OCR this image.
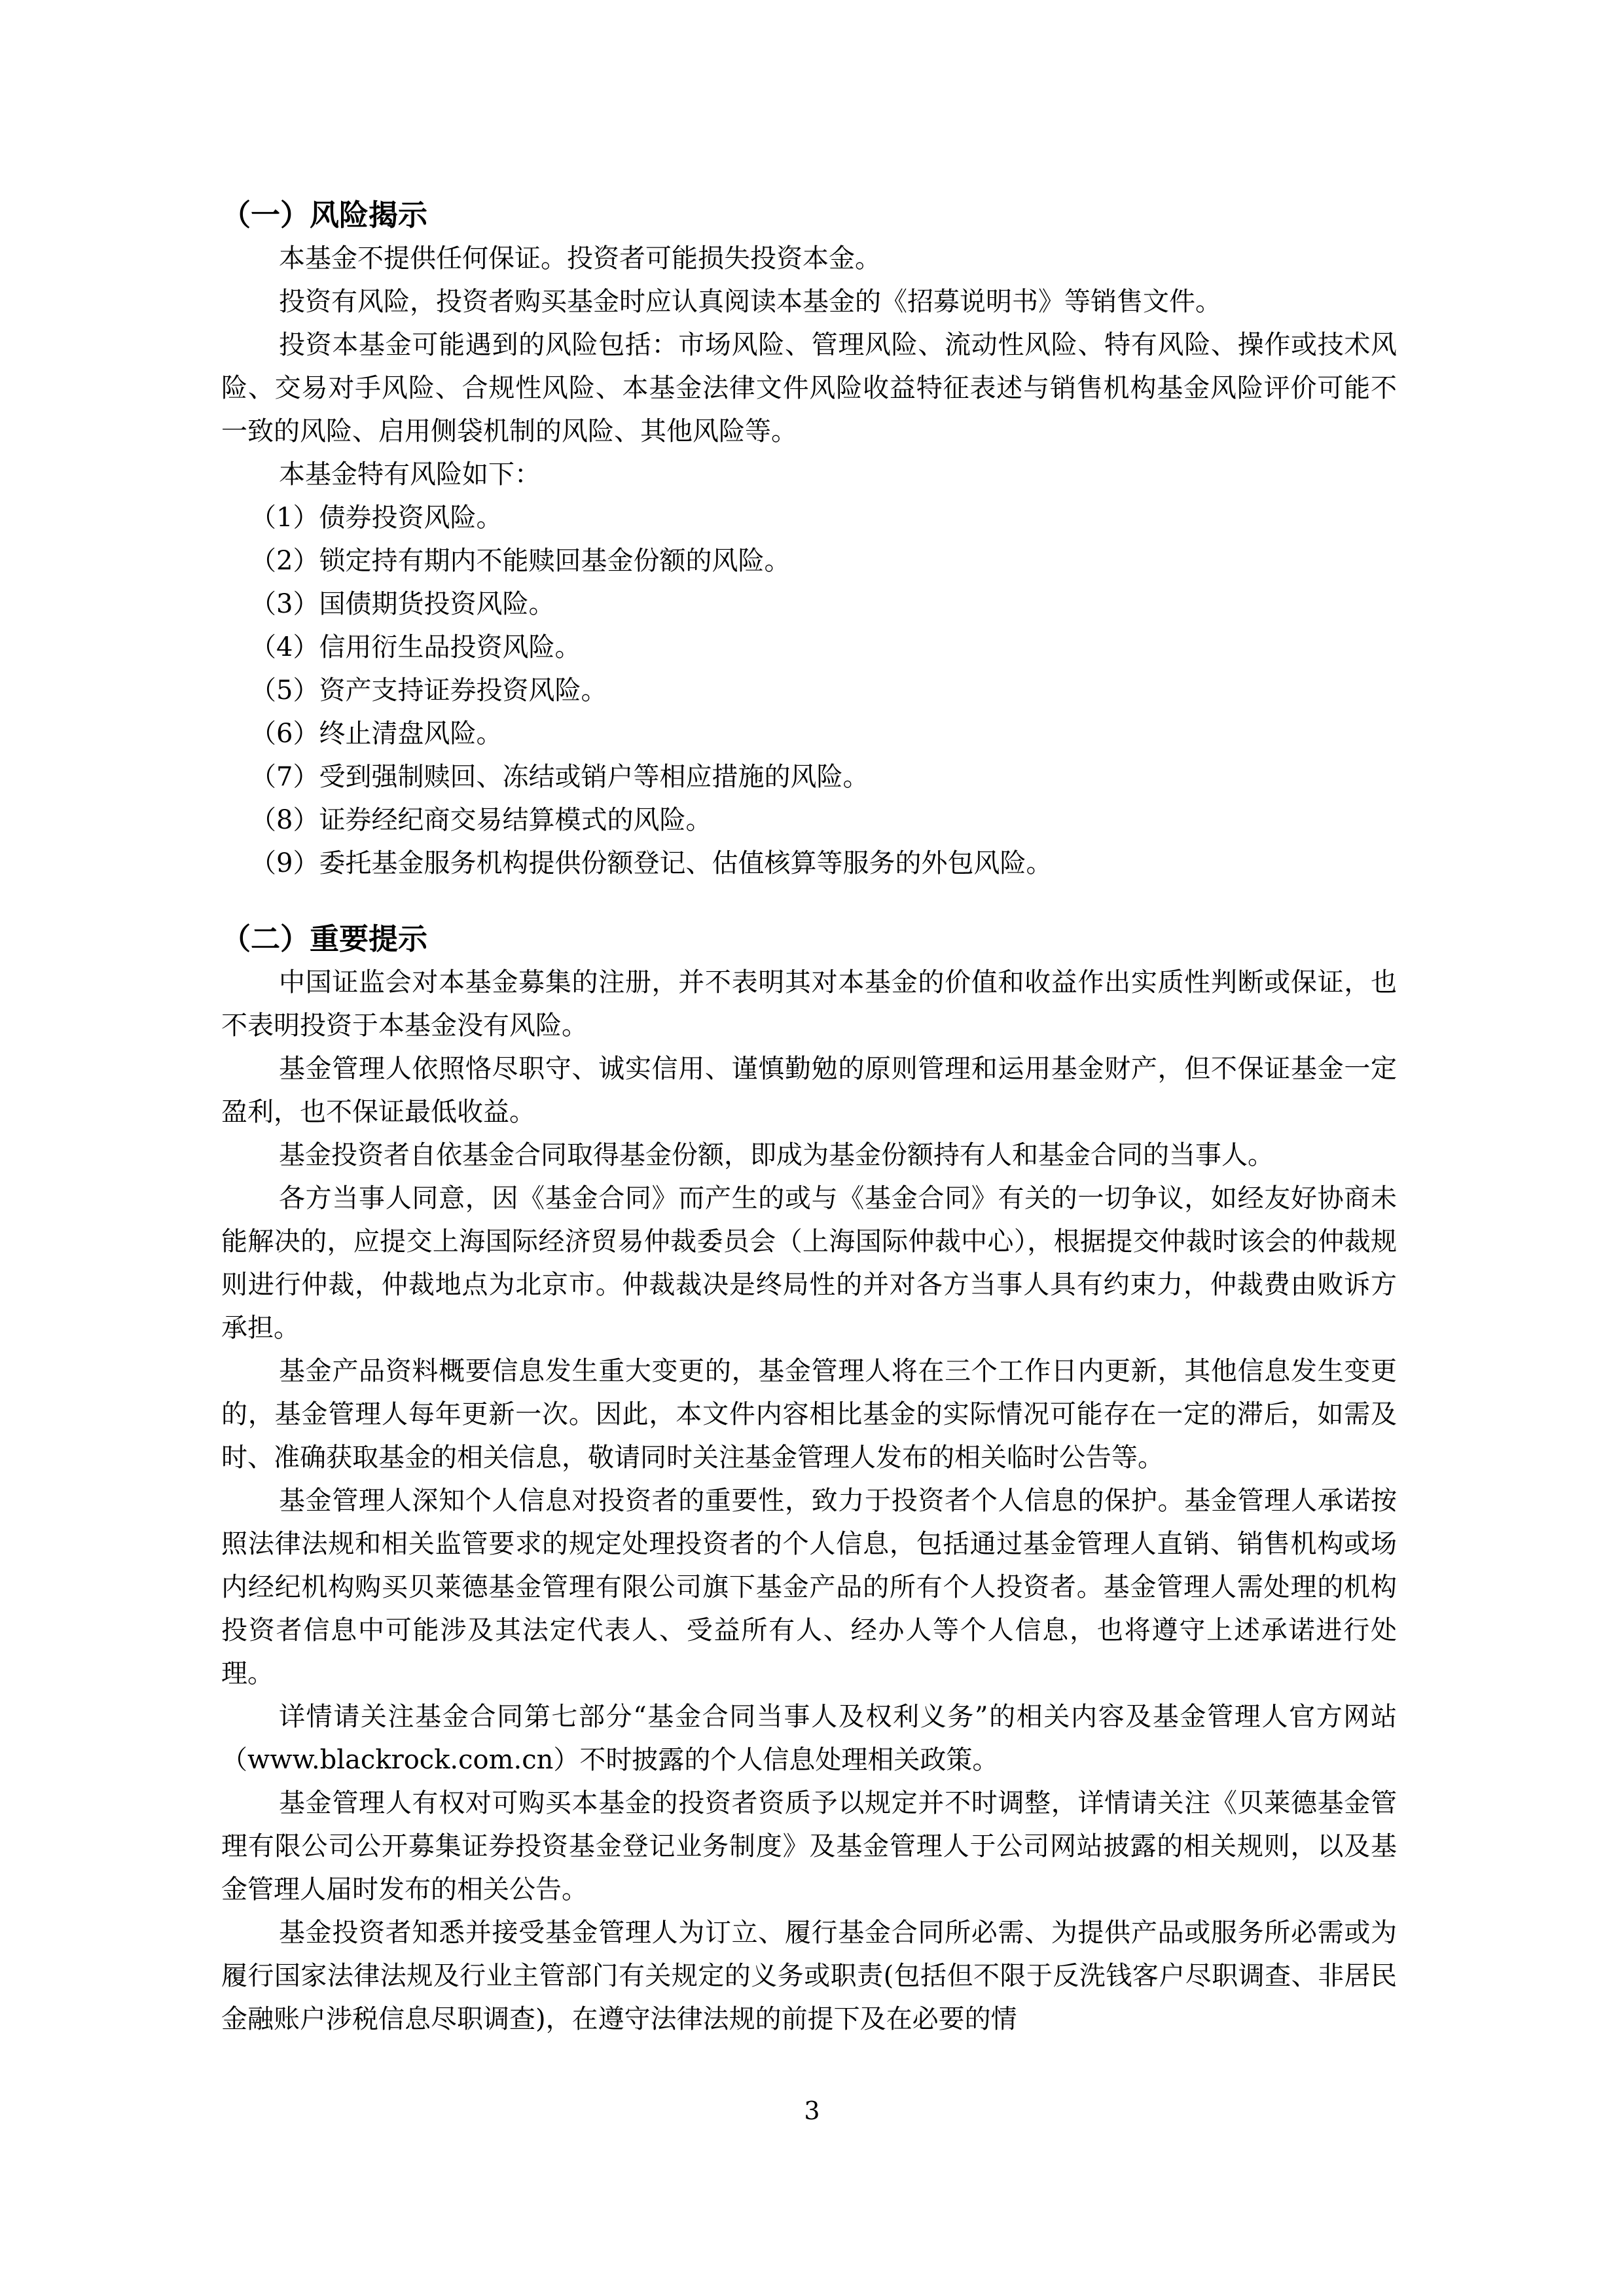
（一）风险揭示

本基金不提供任何保证。投资者可能损失投资本金。

投资有风险，投资者购买基金时应认真阅读本基金的《招募说明书》等销售文件。

投资本基金可能遇到的风险包括：市场风险、管理风险、流动性风险、特有风险、操作或技术风险、交易对手风险、合规性风险、本基金法律文件风险收益特征表述与销售机构基金风险评价可能不一致的风险、启用侧袋机制的风险、其他风险等。

本基金特有风险如下：

（1）债券投资风险。
（2）锁定持有期内不能赎回基金份额的风险。
（3）国债期货投资风险。
（4）信用衍生品投资风险。
（5）资产支持证券投资风险。
（6）终止清盘风险。
（7）受到强制赎回、冻结或销户等相应措施的风险。
（8）证券经纪商交易结算模式的风险。
（9）委托基金服务机构提供份额登记、估值核算等服务的外包风险。
（二）重要提示

中国证监会对本基金募集的注册，并不表明其对本基金的价值和收益作出实质性判断或保证，也不表明投资于本基金没有风险。

基金管理人依照恪尽职守、诚实信用、谨慎勤勉的原则管理和运用基金财产，但不保证基金一定盈利，也不保证最低收益。

基金投资者自依基金合同取得基金份额，即成为基金份额持有人和基金合同的当事人。

各方当事人同意，因《基金合同》而产生的或与《基金合同》有关的一切争议，如经友好协商未能解决的，应提交上海国际经济贸易仲裁委员会（上海国际仲裁中心），根据提交仲裁时该会的仲裁规则进行仲裁，仲裁地点为北京市。仲裁裁决是终局性的并对各方当事人具有约束力，仲裁费由败诉方承担。

基金产品资料概要信息发生重大变更的，基金管理人将在三个工作日内更新，其他信息发生变更的，基金管理人每年更新一次。因此，本文件内容相比基金的实际情况可能存在一定的滞后，如需及时、准确获取基金的相关信息，敬请同时关注基金管理人发布的相关临时公告等。

基金管理人深知个人信息对投资者的重要性，致力于投资者个人信息的保护。基金管理人承诺按照法律法规和相关监管要求的规定处理投资者的个人信息，包括通过基金管理人直销、销售机构或场内经纪机构购买贝莱德基金管理有限公司旗下基金产品的所有个人投资者。基金管理人需处理的机构投资者信息中可能涉及其法定代表人、受益所有人、经办人等个人信息，也将遵守上述承诺进行处理。

详情请关注基金合同第七部分“基金合同当事人及权利义务”的相关内容及基金管理人官方网站（www.blackrock.com.cn）不时披露的个人信息处理相关政策。

基金管理人有权对可购买本基金的投资者资质予以规定并不时调整，详情请关注《贝莱德基金管理有限公司公开募集证券投资基金登记业务制度》及基金管理人于公司网站披露的相关规则，以及基金管理人届时发布的相关公告。

基金投资者知悉并接受基金管理人为订立、履行基金合同所必需、为提供产品或服务所必需或为履行国家法律法规及行业主管部门有关规定的义务或职责(包括但不限于反洗钱客户尽职调查、非居民金融账户涉税信息尽职调查)，在遵守法律法规的前提下及在必要的情

3
